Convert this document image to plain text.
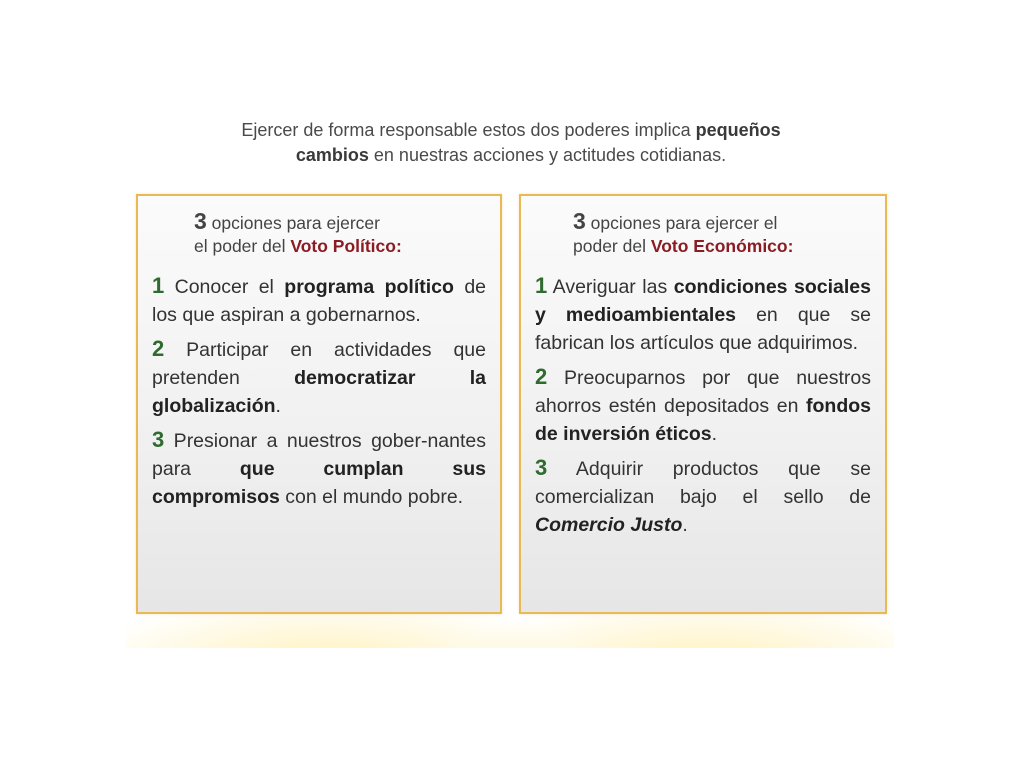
Ejercer de forma responsable estos dos poderes implica pequeños
cambios en nuestras acciones y actitudes cotidianas.
3 opciones para ejercer
el poder del Voto Político:
1 Conocer el programa político de los que aspiran a gobernarnos.
2 Participar en actividades que pretenden democratizar la globalización.
3 Presionar a nuestros gober-nantes para que cumplan sus compromisos con el mundo pobre.
3 opciones para ejercer el
poder del Voto Económico:
1 Averiguar las condiciones sociales y medioambientales en que se fabrican los artículos que adquirimos.
2 Preocuparnos por que nuestros ahorros estén depositados en fondos de inversión éticos.
3 Adquirir productos que se comercializan bajo el sello de Comercio Justo.
